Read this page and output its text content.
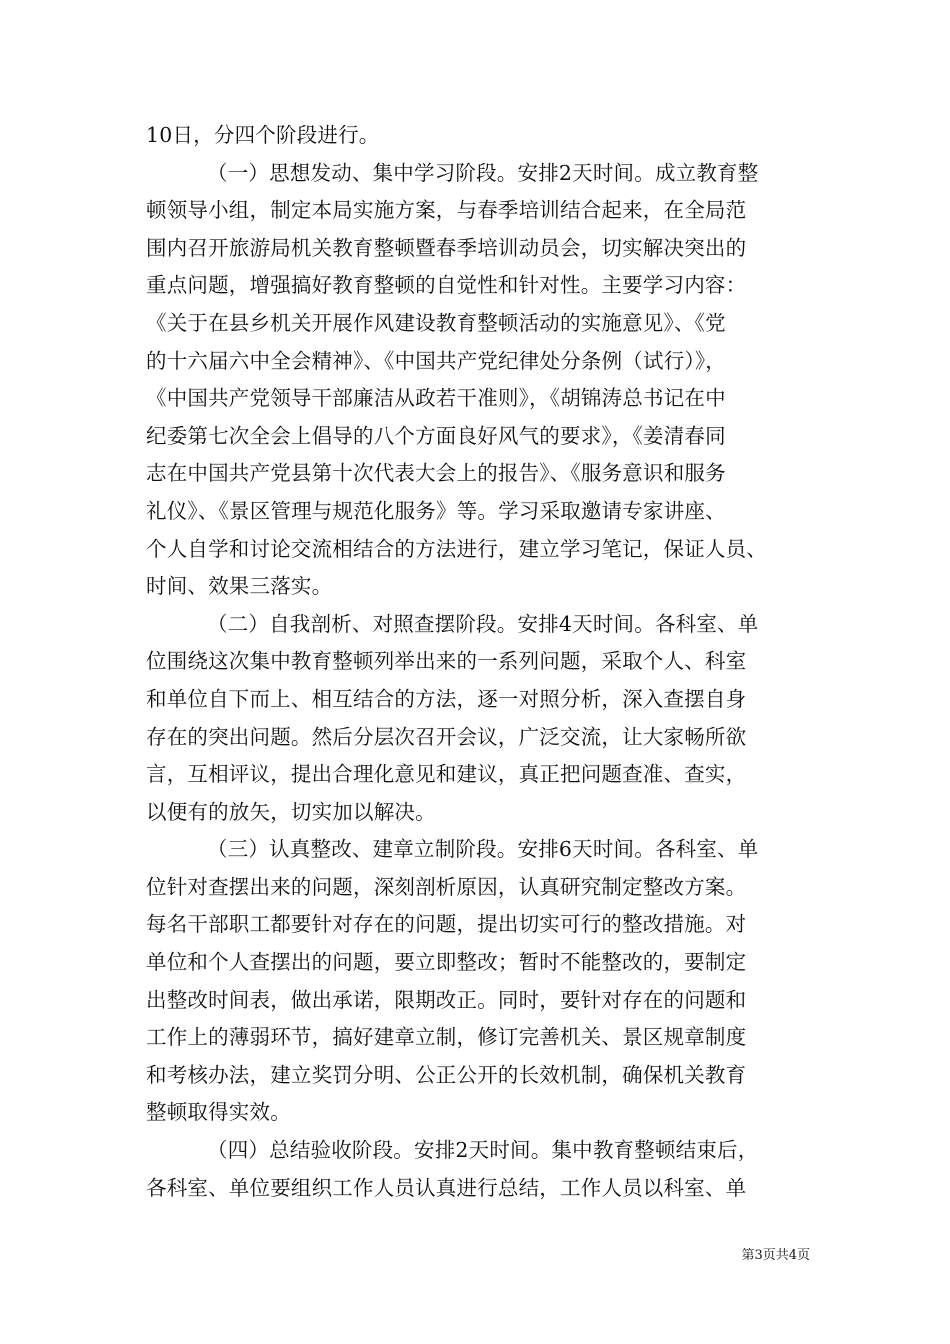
10日，分四个阶段进行。
（一）思想发动、集中学习阶段。安排2天时间。成立教育整
顿领导小组，制定本局实施方案，与春季培训结合起来，在全局范
围内召开旅游局机关教育整顿暨春季培训动员会，切实解决突出的
重点问题，增强搞好教育整顿的自觉性和针对性。主要学习内容：
《关于在县乡机关开展作风建设教育整顿活动的实施意见》、《党
的十六届六中全会精神》、《中国共产党纪律处分条例（试行）》，
《中国共产党领导干部廉洁从政若干准则》，《胡锦涛总书记在中
纪委第七次全会上倡导的八个方面良好风气的要求》，《姜清春同
志在中国共产党县第十次代表大会上的报告》、《服务意识和服务
礼仪》、《景区管理与规范化服务》等。学习采取邀请专家讲座、
个人自学和讨论交流相结合的方法进行，建立学习笔记，保证人员、
时间、效果三落实。
（二）自我剖析、对照查摆阶段。安排4天时间。各科室、单
位围绕这次集中教育整顿列举出来的一系列问题，采取个人、科室
和单位自下而上、相互结合的方法，逐一对照分析，深入查摆自身
存在的突出问题。然后分层次召开会议，广泛交流，让大家畅所欲
言，互相评议，提出合理化意见和建议，真正把问题查准、查实，
以便有的放矢，切实加以解决。
（三）认真整改、建章立制阶段。安排6天时间。各科室、单
位针对查摆出来的问题，深刻剖析原因，认真研究制定整改方案。
每名干部职工都要针对存在的问题，提出切实可行的整改措施。对
单位和个人查摆出的问题，要立即整改；暂时不能整改的，要制定
出整改时间表，做出承诺，限期改正。同时，要针对存在的问题和
工作上的薄弱环节，搞好建章立制，修订完善机关、景区规章制度
和考核办法，建立奖罚分明、公正公开的长效机制，确保机关教育
整顿取得实效。
（四）总结验收阶段。安排2天时间。集中教育整顿结束后，
各科室、单位要组织工作人员认真进行总结，工作人员以科室、单
第3页共4页
